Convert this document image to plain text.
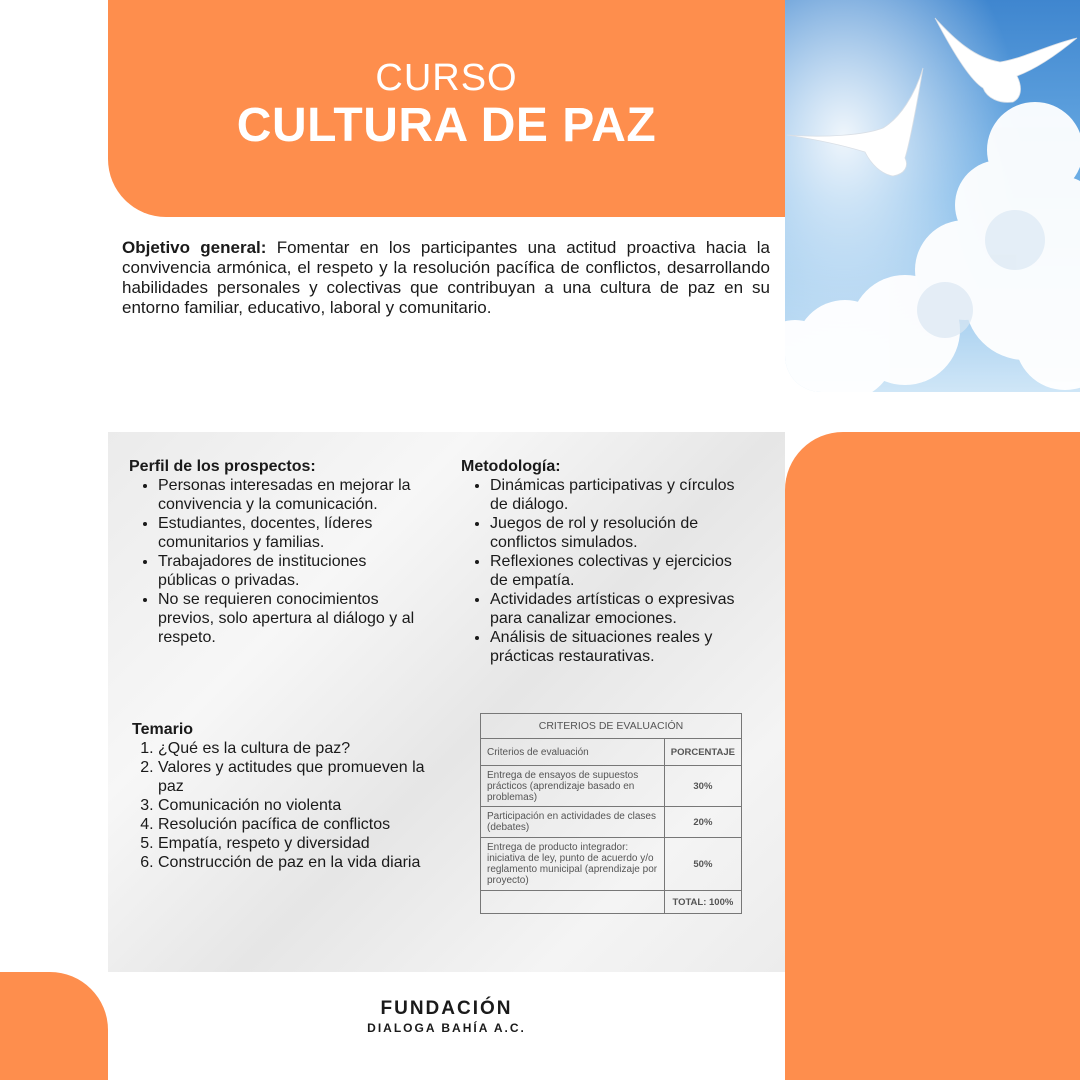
CURSO
CULTURA DE PAZ
Objetivo general: Fomentar en los participantes una actitud proactiva hacia la convivencia armónica, el respeto y la resolución pacífica de conflictos, desarrollando habilidades personales y colectivas que contribuyan a una cultura de paz en su entorno familiar, educativo, laboral y comunitario.
Perfil de los prospectos:
• Personas interesadas en mejorar la convivencia y la comunicación.
• Estudiantes, docentes, líderes comunitarios y familias.
• Trabajadores de instituciones públicas o privadas.
• No se requieren conocimientos previos, solo apertura al diálogo y al respeto.
Metodología:
• Dinámicas participativas y círculos de diálogo.
• Juegos de rol y resolución de conflictos simulados.
• Reflexiones colectivas y ejercicios de empatía.
• Actividades artísticas o expresivas para canalizar emociones.
• Análisis de situaciones reales y prácticas restaurativas.
Temario
1. ¿Qué es la cultura de paz?
2. Valores y actitudes que promueven la paz
3. Comunicación no violenta
4. Resolución pacífica de conflictos
5. Empatía, respeto y diversidad
6. Construcción de paz en la vida diaria
CRITERIOS DE EVALUACIÓN	
Criterios de evaluación	PORCENTAJE
Entrega de ensayos de supuestos prácticos (aprendizaje basado en problemas)	30%
Participación en actividades de clases (debates)	20%
Entrega de producto integrador: iniciativa de ley, punto de acuerdo y/o reglamento municipal (aprendizaje por proyecto)	50%
	TOTAL: 100%
FUNDACIÓN
DIALOGA BAHÍA A.C.
